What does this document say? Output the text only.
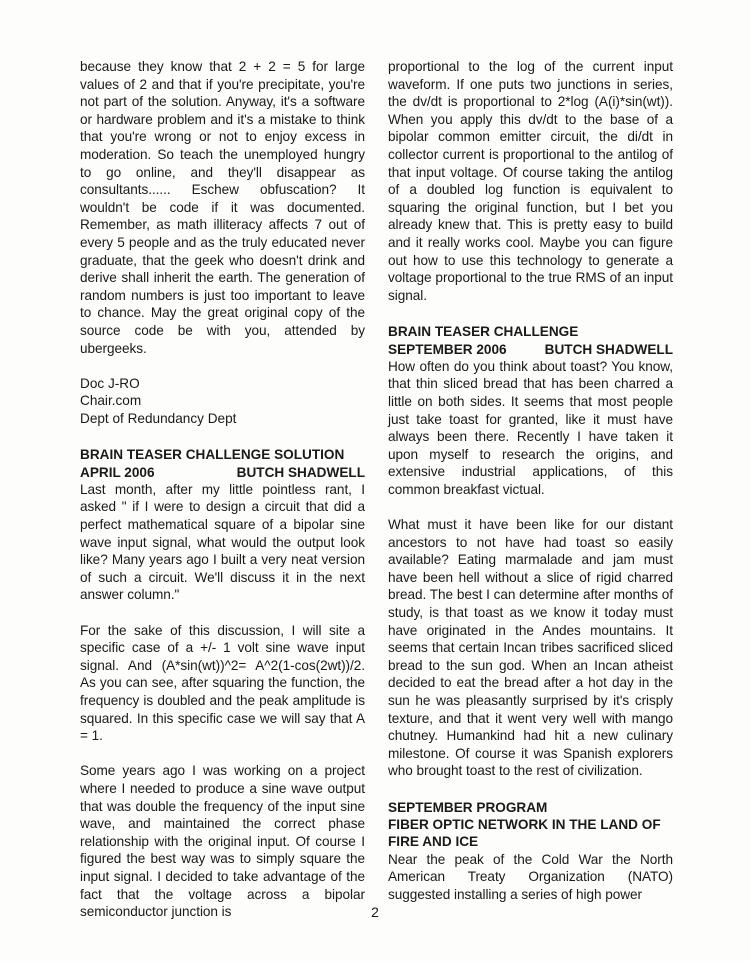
because they know that 2 + 2 = 5 for large values of 2 and that if you're precipitate, you're not part of the solution. Anyway, it's a software or hardware problem and it's a mistake to think that you're wrong or not to enjoy excess in moderation. So teach the unemployed hungry to go online, and they'll disappear as consultants...... Eschew obfuscation? It wouldn't be code if it was documented. Remember, as math illiteracy affects 7 out of every 5 people and as the truly educated never graduate, that the geek who doesn't drink and derive shall inherit the earth. The generation of random numbers is just too important to leave to chance. May the great original copy of the source code be with you, attended by ubergeeks.

Doc J-RO

Chair.com

Dept of Redundancy Dept

BRAIN TEASER CHALLENGE SOLUTION

APRIL 2006	BUTCH SHADWELL

Last month, after my little pointless rant, I asked " if I were to design a circuit that did a perfect mathematical square of a bipolar sine wave input signal, what would the output look like? Many years ago I built a very neat version of such a circuit. We'll discuss it in the next answer column."

For the sake of this discussion, I will site a specific case of a +/- 1 volt sine wave input signal. And (A*sin(wt))^2= A^2(1-cos(2wt))/2. As you can see, after squaring the function, the frequency is doubled and the peak amplitude is squared. In this specific case we will say that A = 1.

Some years ago I was working on a project where I needed to produce a sine wave output that was double the frequency of the input sine wave, and maintained the correct phase relationship with the original input. Of course I figured the best way was to simply square the input signal. I decided to take advantage of the fact that the voltage across a bipolar semiconductor junction is

proportional to the log of the current input waveform. If one puts two junctions in series, the dv/dt is proportional to 2*log (A(i)*sin(wt)). When you apply this dv/dt to the base of a bipolar common emitter circuit, the di/dt in collector current is proportional to the antilog of that input voltage. Of course taking the antilog of a doubled log function is equivalent to squaring the original function, but I bet you already knew that. This is pretty easy to build and it really works cool. Maybe you can figure out how to use this technology to generate a voltage proportional to the true RMS of an input signal.

BRAIN TEASER CHALLENGE

SEPTEMBER 2006	BUTCH SHADWELL

How often do you think about toast? You know, that thin sliced bread that has been charred a little on both sides. It seems that most people just take toast for granted, like it must have always been there. Recently I have taken it upon myself to research the origins, and extensive industrial applications, of this common breakfast victual.

What must it have been like for our distant ancestors to not have had toast so easily available? Eating marmalade and jam must have been hell without a slice of rigid charred bread. The best I can determine after months of study, is that toast as we know it today must have originated in the Andes mountains. It seems that certain Incan tribes sacrificed sliced bread to the sun god. When an Incan atheist decided to eat the bread after a hot day in the sun he was pleasantly surprised by it's crisply texture, and that it went very well with mango chutney. Humankind had hit a new culinary milestone. Of course it was Spanish explorers who brought toast to the rest of civilization.

SEPTEMBER PROGRAM

FIBER OPTIC NETWORK IN THE LAND OF FIRE AND ICE

Near the peak of the Cold War the North American Treaty Organization (NATO) suggested installing a series of high power

2
